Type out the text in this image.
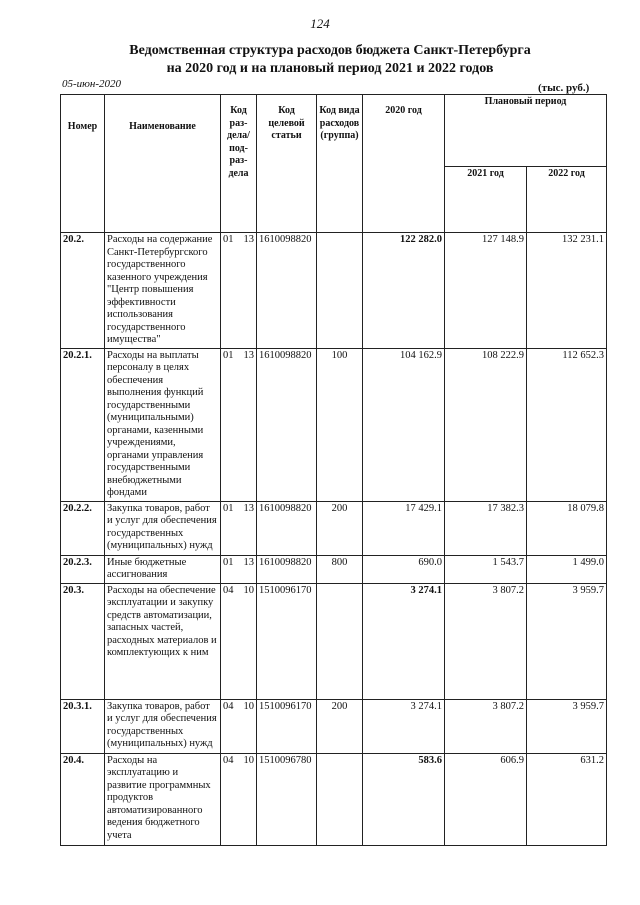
124
Ведомственная структура расходов бюджета Санкт-Петербурга
на 2020 год и на плановый период 2021 и 2022 годов
05-июн-2020	(тыс. руб.)
Номер	Наименование	Код раз-дела/ под-раз-дела	Код целевой статьи	Код вида расходов (группа)	2020 год	Плановый период	
						2021 год	2022 год
20.2.	Расходы на содержание Санкт-Петербургского государственного казенного учреждения "Центр повышения эффективности использования государственного имущества"	01 13	1610098820		122 282.0	127 148.9	132 231.1
20.2.1.	Расходы на выплаты персоналу в целях обеспечения выполнения функций государственными (муниципальными) органами, казенными учреждениями, органами управления государственными внебюджетными фондами	01 13	1610098820	100	104 162.9	108 222.9	112 652.3
20.2.2.	Закупка товаров, работ и услуг для обеспечения государственных (муниципальных) нужд	01 13	1610098820	200	17 429.1	17 382.3	18 079.8
20.2.3.	Иные бюджетные ассигнования	01 13	1610098820	800	690.0	1 543.7	1 499.0
20.3.	Расходы на обеспечение эксплуатации и закупку средств автоматизации, запасных частей, расходных материалов и комплектующих к ним	04 10	1510096170		3 274.1	3 807.2	3 959.7
20.3.1.	Закупка товаров, работ и услуг для обеспечения государственных (муниципальных) нужд	04 10	1510096170	200	3 274.1	3 807.2	3 959.7
20.4.	Расходы на эксплуатацию и развитие программных продуктов автоматизированного ведения бюджетного учета	04 10	1510096780		583.6	606.9	631.2
